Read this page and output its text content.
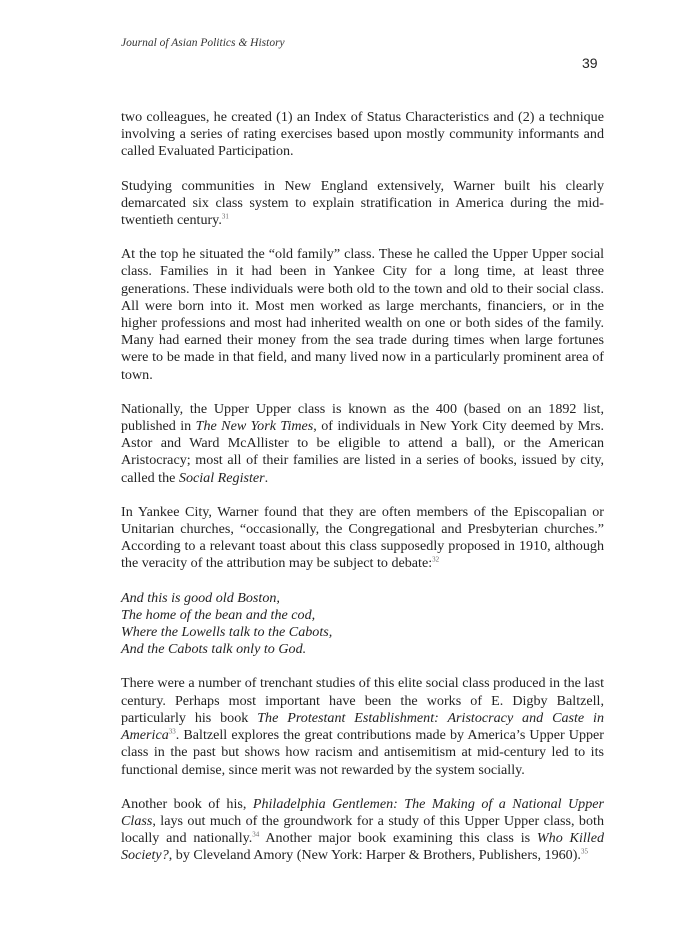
Journal of Asian Politics & History
39

two colleagues, he created (1) an Index of Status Characteristics and (2) a technique involving a series of rating exercises based upon mostly community informants and called Evaluated Participation.

Studying communities in New England extensively, Warner built his clearly demarcated six class system to explain stratification in America during the mid-twentieth century.$^{31}$

At the top he situated the “old family” class. These he called the Upper Upper social class. Families in it had been in Yankee City for a long time, at least three generations. These individuals were both old to the town and old to their social class. All were born into it. Most men worked as large merchants, financiers, or in the higher professions and most had inherited wealth on one or both sides of the family. Many had earned their money from the sea trade during times when large fortunes were to be made in that field, and many lived now in a particularly prominent area of town.

Nationally, the Upper Upper class is known as the 400 (based on an 1892 list, published in The New York Times, of individuals in New York City deemed by Mrs. Astor and Ward McAllister to be eligible to attend a ball), or the American Aristocracy; most all of their families are listed in a series of books, issued by city, called the Social Register.

In Yankee City, Warner found that they are often members of the Episcopalian or Unitarian churches, “occasionally, the Congregational and Presbyterian churches.” According to a relevant toast about this class supposedly proposed in 1910, although the veracity of the attribution may be subject to debate:$^{32}$

And this is good old Boston,
The home of the bean and the cod,
Where the Lowells talk to the Cabots,
And the Cabots talk only to God.

There were a number of trenchant studies of this elite social class produced in the last century. Perhaps most important have been the works of E. Digby Baltzell, particularly his book The Protestant Establishment: Aristocracy and Caste in America$^{33}$. Baltzell explores the great contributions made by America’s Upper Upper class in the past but shows how racism and antisemitism at mid-century led to its functional demise, since merit was not rewarded by the system socially.

Another book of his, Philadelphia Gentlemen: The Making of a National Upper Class, lays out much of the groundwork for a study of this Upper Upper class, both locally and nationally.$^{34}$ Another major book examining this class is Who Killed Society?, by Cleveland Amory (New York: Harper & Brothers, Publishers, 1960).$^{35}$
